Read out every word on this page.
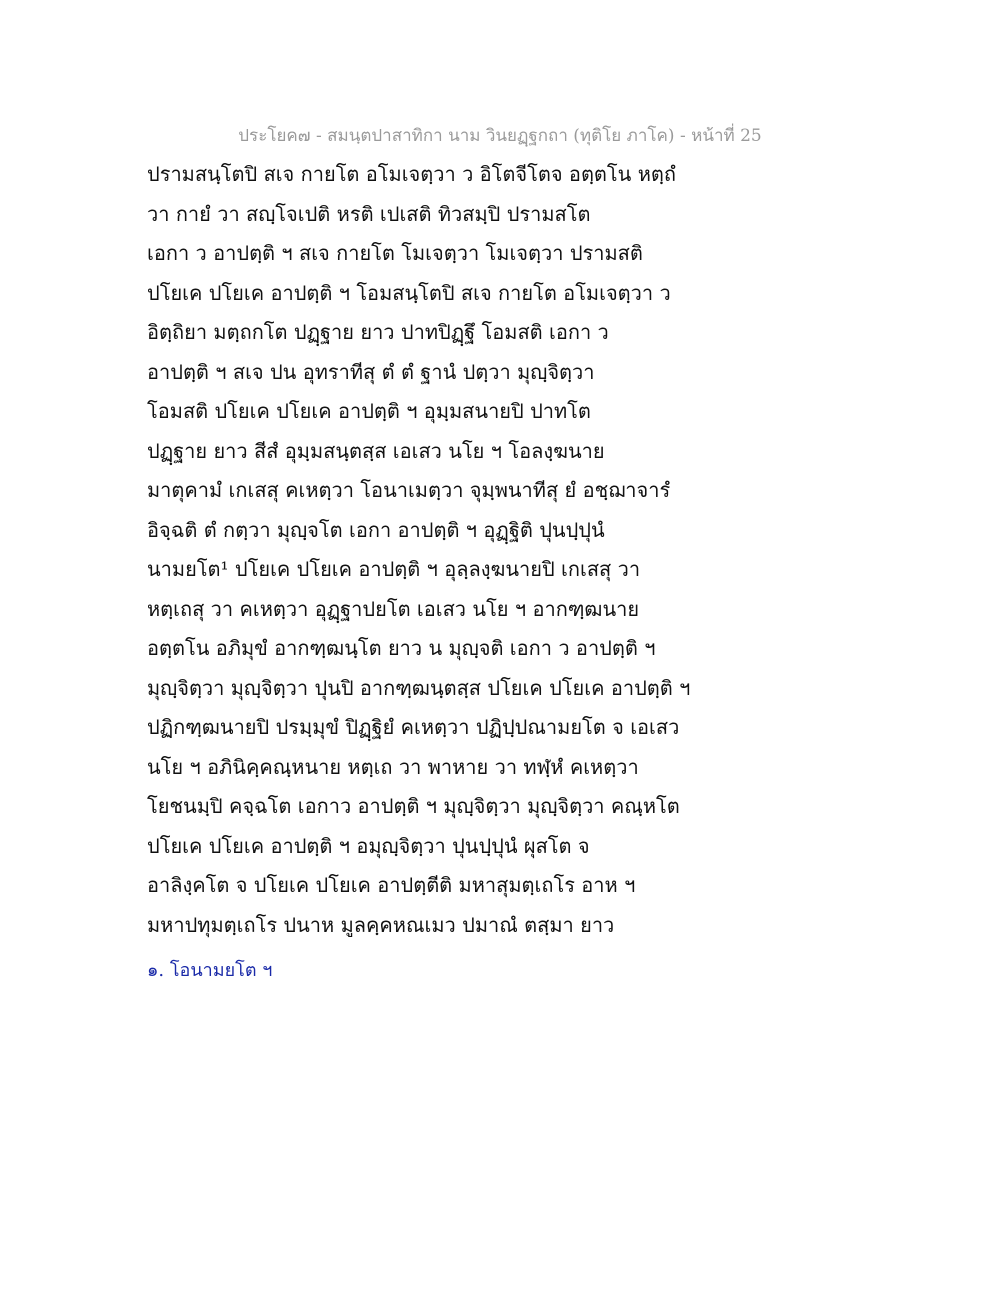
ประโยค๗ - สมนฺตปาสาทิกา นาม วินยฏฺฐกถา (ทุติโย ภาโค) - หน้าที่ 25
ปรามสนฺโตปิ สเจ กายโต อโมเจตฺวา ว อิโตจีโตจ อตฺตโน หตฺถํ
วา กายํ วา สญฺโจเปติ หรติ เปเสติ ทิวสมฺปิ ปรามสโต
เอกา ว อาปตฺติ ฯ สเจ กายโต โมเจตฺวา โมเจตฺวา ปรามสติ
ปโยเค ปโยเค อาปตฺติ ฯ โอมสนฺโตปิ สเจ กายโต อโมเจตฺวา ว
อิตฺถิยา มตฺถกโต ปฏฺฐาย ยาว ปาทปิฏฺฐึ โอมสติ เอกา ว
อาปตฺติ ฯ สเจ ปน อุทราทีสุ ตํ ตํ ฐานํ ปตฺวา มุญฺจิตฺวา
โอมสติ ปโยเค ปโยเค อาปตฺติ ฯ อุมฺมสนายปิ ปาทโต
ปฏฺฐาย ยาว สีสํ อุมฺมสนฺตสฺส เอเสว นโย ฯ โอลงฺฆนาย
มาตุคามํ เกเสสุ คเหตฺวา โอนาเมตฺวา จุมฺพนาทีสุ ยํ อชฺฌาจารํ
อิจฺฉติ ตํ กตฺวา มุญฺจโต เอกา อาปตฺติ ฯ อุฏฺฐิติ ปุนปฺปุนํ
นามยโต¹ ปโยเค ปโยเค อาปตฺติ ฯ อุลฺลงฺฆนายปิ เกเสสุ วา
หตฺเถสุ วา คเหตฺวา อุฏฺฐาปยโต เอเสว นโย ฯ อากฑฺฒนาย
อตฺตโน อภิมุขํ อากฑฺฒนฺโต ยาว น มุญฺจติ เอกา ว อาปตฺติ ฯ
มุญฺจิตฺวา มุญฺจิตฺวา ปุนปิ อากฑฺฒนฺตสฺส ปโยเค ปโยเค อาปตฺติ ฯ
ปฏิกฑฺฒนายปิ ปรมฺมุขํ ปิฏฺฐิยํ คเหตฺวา ปฏิปฺปณามยโต จ เอเสว
นโย ฯ อภินิคฺคณฺหนาย หตฺเถ วา พาหาย วา ทฬฺหํ คเหตฺวา
โยชนมฺปิ คจฺฉโต เอกาว อาปตฺติ ฯ มุญฺจิตฺวา มุญฺจิตฺวา คณฺหโต
ปโยเค ปโยเค อาปตฺติ ฯ อมุญฺจิตฺวา ปุนปฺปุนํ ผุสโต จ
อาลิงฺคโต จ ปโยเค ปโยเค อาปตฺตีติ มหาสุมตฺเถโร อาห ฯ
มหาปทุมตฺเถโร ปนาห มูลคฺคหณเมว ปมาณํ ตสฺมา ยาว
๑. โอนามยโต ฯ
